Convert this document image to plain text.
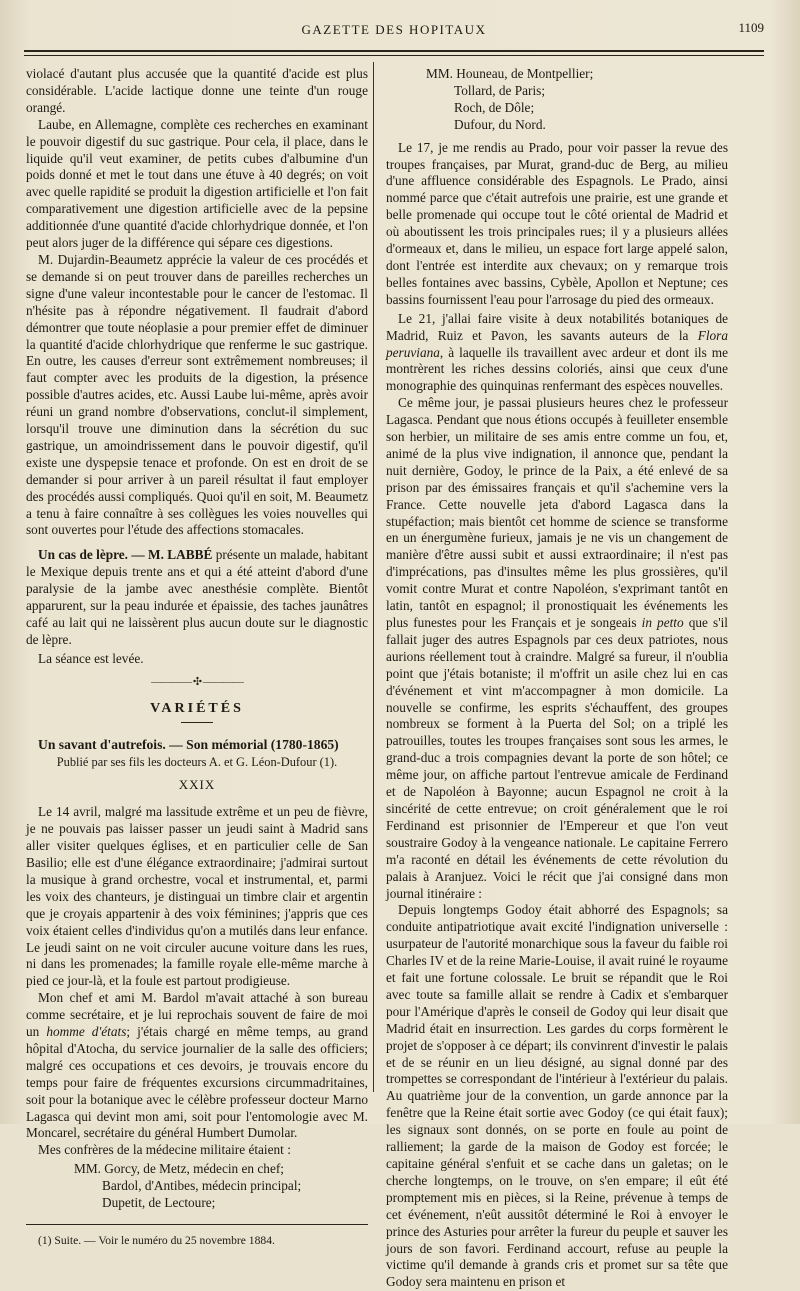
GAZETTE DES HOPITAUX	1109

violacé d'autant plus accusée que la quantité d'acide est plus considérable. L'acide lactique donne une teinte d'un rouge orangé.

Laube, en Allemagne, complète ces recherches en examinant le pouvoir digestif du suc gastrique. Pour cela, il place, dans le liquide qu'il veut examiner, de petits cubes d'albumine d'un poids donné et met le tout dans une étuve à 40 degrés; on voit avec quelle rapidité se produit la digestion artificielle et l'on fait comparativement une digestion artificielle avec de la pepsine additionnée d'une quantité d'acide chlorhydrique donnée, et l'on peut alors juger de la différence qui sépare ces digestions.

M. Dujardin-Beaumetz apprécie la valeur de ces procédés et se demande si on peut trouver dans de pareilles recherches un signe d'une valeur incontestable pour le cancer de l'estomac. Il n'hésite pas à répondre négativement. Il faudrait d'abord démontrer que toute néoplasie a pour premier effet de diminuer la quantité d'acide chlorhydrique que renferme le suc gastrique. En outre, les causes d'erreur sont extrêmement nombreuses; il faut compter avec les produits de la digestion, la présence possible d'autres acides, etc. Aussi Laube lui-même, après avoir réuni un grand nombre d'observations, conclut-il simplement, lorsqu'il trouve une diminution dans la sécrétion du suc gastrique, un amoindrissement dans le pouvoir digestif, qu'il existe une dyspepsie tenace et profonde. On est en droit de se demander si pour arriver à un pareil résultat il faut employer des procédés aussi compliqués. Quoi qu'il en soit, M. Beaumetz a tenu à faire connaître à ses collègues les voies nouvelles qui sont ouvertes pour l'étude des affections stomacales.

Un cas de lèpre. — M. LABBÉ présente un malade, habitant le Mexique depuis trente ans et qui a été atteint d'abord d'une paralysie de la jambe avec anesthésie complète. Bientôt apparurent, sur la peau indurée et épaissie, des taches jaunâtres café au lait qui ne laissèrent plus aucun doute sur le diagnostic de lèpre.

La séance est levée.

———— ✣ ————
VARIÉTÉS

Un savant d'autrefois. — Son mémorial (1780-1865)

Publié par ses fils les docteurs A. et G. Léon-Dufour (1).
XXIX

Le 14 avril, malgré ma lassitude extrême et un peu de fièvre, je ne pouvais pas laisser passer un jeudi saint à Madrid sans aller visiter quelques églises, et en particulier celle de San Basilio; elle est d'une élégance extraordinaire; j'admirai surtout la musique à grand orchestre, vocal et instrumental, et, parmi les voix des chanteurs, je distinguai un timbre clair et argentin que je croyais appartenir à des voix féminines; j'appris que ces voix étaient celles d'individus qu'on a mutilés dans leur enfance. Le jeudi saint on ne voit circuler aucune voiture dans les rues, ni dans les promenades; la famille royale elle-même marche à pied ce jour-là, et la foule est partout prodigieuse.

Mon chef et ami M. Bardol m'avait attaché à son bureau comme secrétaire, et je lui reprochais souvent de faire de moi un homme d'états; j'étais chargé en même temps, au grand hôpital d'Atocha, du service journalier de la salle des officiers; malgré ces occupations et ces devoirs, je trouvais encore du temps pour faire de fréquentes excursions circummadritaines, soit pour la botanique avec le célèbre professeur docteur Marno Lagasca qui devint mon ami, soit pour l'entomologie avec M. Moncarel, secrétaire du général Humbert Dumolar.

Mes confrères de la médecine militaire étaient :

MM. Gorcy, de Metz, médecin en chef;

Bardol, d'Antibes, médecin principal;

Dupetit, de Lectoure;

(1) Suite. — Voir le numéro du 25 novembre 1884.

MM. Houneau, de Montpellier;

Tollard, de Paris;

Roch, de Dôle;

Dufour, du Nord.

Le 17, je me rendis au Prado, pour voir passer la revue des troupes françaises, par Murat, grand-duc de Berg, au milieu d'une affluence considérable des Espagnols. Le Prado, ainsi nommé parce que c'était autrefois une prairie, est une grande et belle promenade qui occupe tout le côté oriental de Madrid et où aboutissent les trois principales rues; il y a plusieurs allées d'ormeaux et, dans le milieu, un espace fort large appelé salon, dont l'entrée est interdite aux chevaux; on y remarque trois belles fontaines avec bassins, Cybèle, Apollon et Neptune; ces bassins fournissent l'eau pour l'arrosage du pied des ormeaux.

Le 21, j'allai faire visite à deux notabilités botaniques de Madrid, Ruiz et Pavon, les savants auteurs de la Flora peruviana, à laquelle ils travaillent avec ardeur et dont ils me montrèrent les riches dessins coloriés, ainsi que ceux d'une monographie des quinquinas renfermant des espèces nouvelles.

Ce même jour, je passai plusieurs heures chez le professeur Lagasca. Pendant que nous étions occupés à feuilleter ensemble son herbier, un militaire de ses amis entre comme un fou, et, animé de la plus vive indignation, il annonce que, pendant la nuit dernière, Godoy, le prince de la Paix, a été enlevé de sa prison par des émissaires français et qu'il s'achemine vers la France. Cette nouvelle jeta d'abord Lagasca dans la stupéfaction; mais bientôt cet homme de science se transforme en un énergumène furieux, jamais je ne vis un changement de manière d'être aussi subit et aussi extraordinaire; il n'est pas d'imprécations, pas d'insultes même les plus grossières, qu'il vomit contre Murat et contre Napoléon, s'exprimant tantôt en latin, tantôt en espagnol; il pronostiquait les événements les plus funestes pour les Français et je songeais in petto que s'il fallait juger des autres Espagnols par ces deux patriotes, nous aurions réellement tout à craindre. Malgré sa fureur, il n'oublia point que j'étais botaniste; il m'offrit un asile chez lui en cas d'événement et vint m'accompagner à mon domicile. La nouvelle se confirme, les esprits s'échauffent, des groupes nombreux se forment à la Puerta del Sol; on a triplé les patrouilles, toutes les troupes françaises sont sous les armes, le grand-duc a trois compagnies devant la porte de son hôtel; ce même jour, on affiche partout l'entrevue amicale de Ferdinand et de Napoléon à Bayonne; aucun Espagnol ne croit à la sincérité de cette entrevue; on croit généralement que le roi Ferdinand est prisonnier de l'Empereur et que l'on veut soustraire Godoy à la vengeance nationale. Le capitaine Ferrero m'a raconté en détail les événements de cette révolution du palais à Aranjuez. Voici le récit que j'ai consigné dans mon journal itinéraire :

Depuis longtemps Godoy était abhorré des Espagnols; sa conduite antipatriotique avait excité l'indignation universelle : usurpateur de l'autorité monarchique sous la faveur du faible roi Charles IV et de la reine Marie-Louise, il avait ruiné le royaume et fait une fortune colossale. Le bruit se répandit que le Roi avec toute sa famille allait se rendre à Cadix et s'embarquer pour l'Amérique d'après le conseil de Godoy qui leur disait que Madrid était en insurrection. Les gardes du corps formèrent le projet de s'opposer à ce départ; ils convinrent d'investir le palais et de se réunir en un lieu désigné, au signal donné par des trompettes se correspondant de l'intérieur à l'extérieur du palais. Au quatrième jour de la convention, un garde annonce par la fenêtre que la Reine était sortie avec Godoy (ce qui était faux); les signaux sont donnés, on se porte en foule au point de ralliement; la garde de la maison de Godoy est forcée; le capitaine général s'enfuit et se cache dans un galetas; on le cherche longtemps, on le trouve, on s'en empare; il eût été promptement mis en pièces, si la Reine, prévenue à temps de cet événement, n'eût aussitôt déterminé le Roi à envoyer le prince des Asturies pour arrêter la fureur du peuple et sauver les jours de son favori. Ferdinand accourt, refuse au peuple la victime qu'il demande à grands cris et promet sur sa tête que Godoy sera maintenu en prison et
